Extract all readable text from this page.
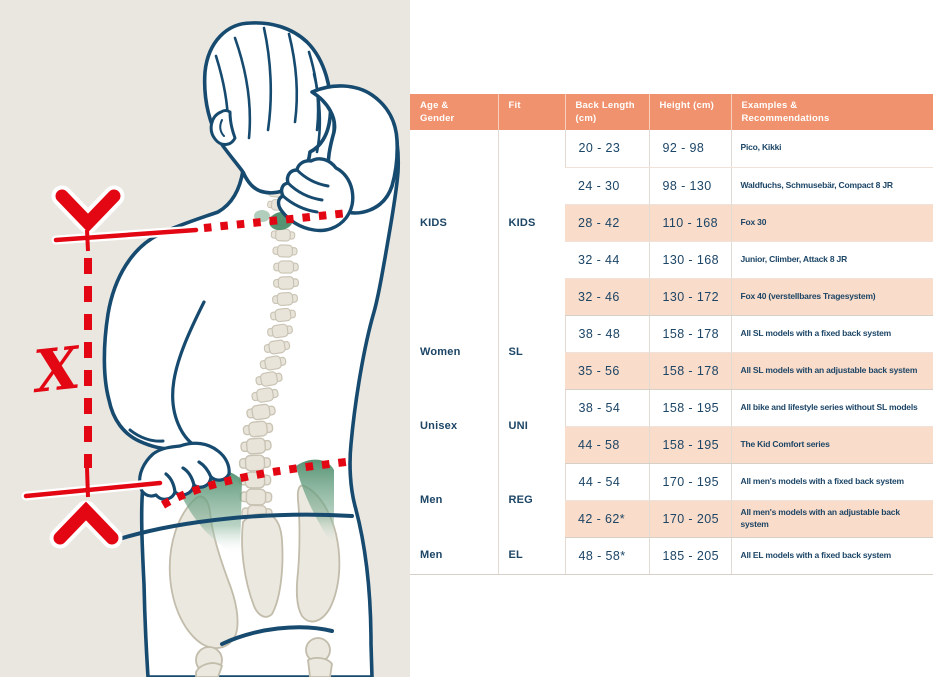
X
Age & Gender	Fit	Back Length (cm)	Height (cm)	Examples & Recommendations
KIDS	KIDS	20 - 23	92 - 98	Pico, Kikki
		24 - 30	98 - 130	Waldfuchs, Schmusebär, Compact 8 JR
		28 - 42	110 - 168	Fox 30
		32 - 44	130 - 168	Junior, Climber, Attack 8 JR
		32 - 46	130 - 172	Fox 40 (verstellbares Tragesystem)
Women	SL	38 - 48	158 - 178	All SL models with a fixed back system
		35 - 56	158 - 178	All SL models with an adjustable back system
Unisex	UNI	38 - 54	158 - 195	All bike and lifestyle series without SL models
		44 - 58	158 - 195	The Kid Comfort series
Men	REG	44 - 54	170 - 195	All men's models with a fixed back system
		42 - 62*	170 - 205	All men's models with an adjustable back system
Men	EL	48 - 58*	185 - 205	All EL models with a fixed back system
